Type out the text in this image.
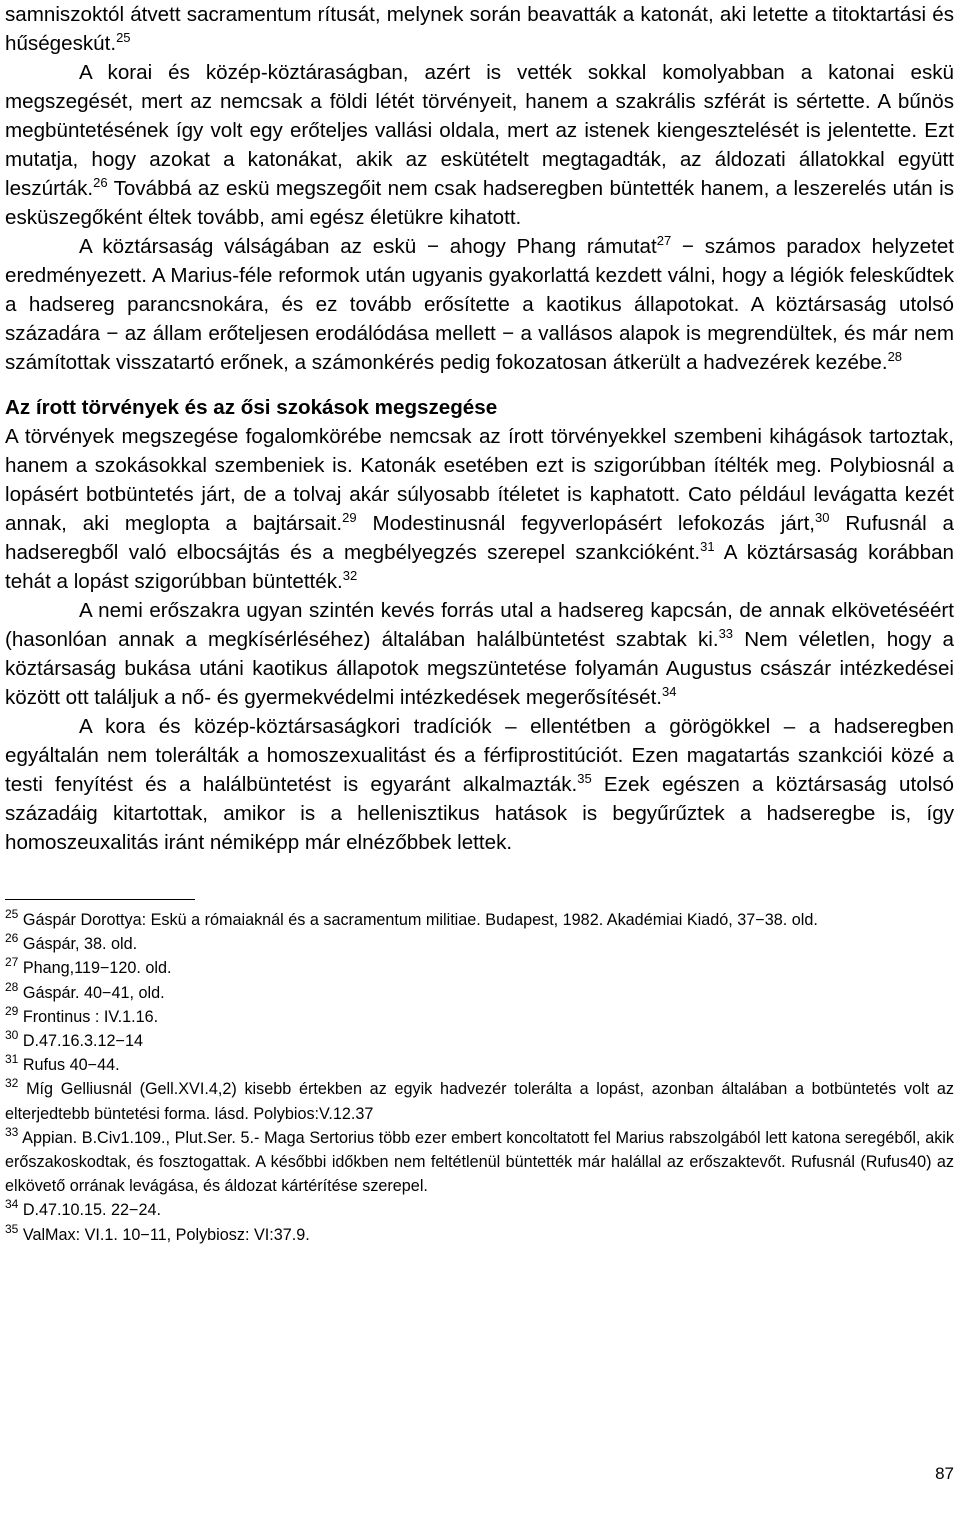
samniszoktól átvett sacramentum rítusát, melynek során beavatták a katonát, aki letette a titoktartási és hűségeskút.$^{25}$

A korai és közép-köztáraságban, azért is vették sokkal komolyabban a katonai eskü megszegését, mert az nemcsak a földi létét törvényeit, hanem a szakrális szférát is sértette. A bűnös megbüntetésének így volt egy erőteljes vallási oldala, mert az istenek kiengesztelését is jelentette. Ezt mutatja, hogy azokat a katonákat, akik az eskütételt megtagadták, az áldozati állatokkal együtt leszúrták.$^{26}$ Továbbá az eskü megszegőit nem csak hadseregben büntették hanem, a leszerelés után is esküszegőként éltek tovább, ami egész életükre kihatott.

A köztársaság válságában az eskü − ahogy Phang rámutat$^{27}$ − számos paradox helyzetet eredményezett. A Marius-féle reformok után ugyanis gyakorlattá kezdett válni, hogy a légiók feleskűdtek a hadsereg parancsnokára, és ez tovább erősítette a kaotikus állapotokat. A köztársaság utolsó századára − az állam erőteljesen erodálódása mellett − a vallásos alapok is megrendültek, és már nem számítottak visszatartó erőnek, a számonkérés pedig fokozatosan átkerült a hadvezérek kezébe.$^{28}$

Az írott törvények és az ősi szokások megszegése

A törvények megszegése fogalomkörébe nemcsak az írott törvényekkel szembeni kihágások tartoztak, hanem a szokásokkal szembeniek is. Katonák esetében ezt is szigorúbban ítélték meg. Polybiosnál a lopásért botbüntetés járt, de a tolvaj akár súlyosabb ítéletet is kaphatott. Cato például levágatta kezét annak, aki meglopta a bajtársait.$^{29}$ Modestinusnál fegyverlopásért lefokozás járt,$^{30}$ Rufusnál a hadseregből való elbocsájtás és a megbélyegzés szerepel szankcióként.$^{31}$ A köztársaság korábban tehát a lopást szigorúbban büntették.$^{32}$

A nemi erőszakra ugyan szintén kevés forrás utal a hadsereg kapcsán, de annak elkövetéséért (hasonlóan annak a megkísérléséhez) általában halálbüntetést szabtak ki.$^{33}$ Nem véletlen, hogy a köztársaság bukása utáni kaotikus állapotok megszüntetése folyamán Augustus császár intézkedései között ott találjuk a nő- és gyermekvédelmi intézkedések megerősítését.$^{34}$

A kora és közép-köztársaságkori tradíciók – ellentétben a görögökkel – a hadseregben egyáltalán nem tolerálták a homoszexualitást és a férfiprostitúciót. Ezen magatartás szankciói közé a testi fenyítést és a halálbüntetést is egyaránt alkalmazták.$^{35}$ Ezek egészen a köztársaság utolsó századáig kitartottak, amikor is a hellenisztikus hatások is begyűrűztek a hadseregbe is, így homoszeuxalitás iránt némiképp már elnézőbbek lettek.

$^{25}$ Gáspár Dorottya: Eskü a rómaiaknál és a sacramentum militiae. Budapest, 1982. Akadémiai Kiadó, 37−38. old.

$^{26}$ Gáspár, 38. old.

$^{27}$ Phang,119−120. old.

$^{28}$ Gáspár. 40−41, old.

$^{29}$ Frontinus : IV.1.16.

$^{30}$ D.47.16.3.12−14

$^{31}$ Rufus 40−44.

$^{32}$ Míg Gelliusnál (Gell.XVI.4,2) kisebb értekben az egyik hadvezér tolerálta a lopást, azonban általában a botbüntetés volt az elterjedtebb büntetési forma. lásd. Polybios:V.12.37

$^{33}$ Appian. B.Civ1.109., Plut.Ser. 5.- Maga Sertorius több ezer embert koncoltatott fel Marius rabszolgából lett katona seregéből, akik erőszakoskodtak, és fosztogattak. A későbbi időkben nem feltétlenül büntették már halállal az erőszaktevőt. Rufusnál (Rufus40) az elkövető orrának levágása, és áldozat kártérítése szerepel.

$^{34}$ D.47.10.15. 22−24.

$^{35}$ ValMax: VI.1. 10−11, Polybiosz: VI:37.9.

87
